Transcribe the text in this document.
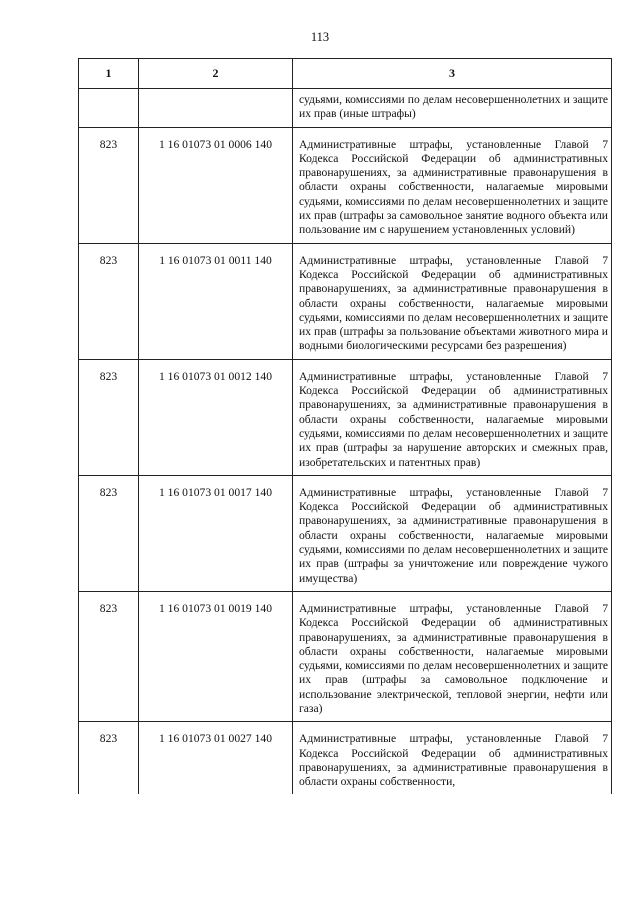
113
1	2	3
		судьями, комиссиями по делам несовершеннолетних и защите их прав (иные штрафы)
823	1 16 01073 01 0006 140	Административные штрафы, установленные Главой 7 Кодекса Российской Федерации об административных правонарушениях, за административные правонарушения в области охраны собственности, налагаемые мировыми судьями, комиссиями по делам несовершеннолетних и защите их прав (штрафы за самовольное занятие водного объекта или пользование им с нарушением установленных условий)
823	1 16 01073 01 0011 140	Административные штрафы, установленные Главой 7 Кодекса Российской Федерации об административных правонарушениях, за административные правонарушения в области охраны собственности, налагаемые мировыми судьями, комиссиями по делам несовершеннолетних и защите их прав (штрафы за пользование объектами животного мира и водными биологическими ресурсами без разрешения)
823	1 16 01073 01 0012 140	Административные штрафы, установленные Главой 7 Кодекса Российской Федерации об административных правонарушениях, за административные правонарушения в области охраны собственности, налагаемые мировыми судьями, комиссиями по делам несовершеннолетних и защите их прав (штрафы за нарушение авторских и смежных прав, изобретательских и патентных прав)
823	1 16 01073 01 0017 140	Административные штрафы, установленные Главой 7 Кодекса Российской Федерации об административных правонарушениях, за административные правонарушения в области охраны собственности, налагаемые мировыми судьями, комиссиями по делам несовершеннолетних и защите их прав (штрафы за уничтожение или повреждение чужого имущества)
823	1 16 01073 01 0019 140	Административные штрафы, установленные Главой 7 Кодекса Российской Федерации об административных правонарушениях, за административные правонарушения в области охраны собственности, налагаемые мировыми судьями, комиссиями по делам несовершеннолетних и защите их прав (штрафы за самовольное подключение и использование электрической, тепловой энергии, нефти или газа)
823	1 16 01073 01 0027 140	Административные штрафы, установленные Главой 7 Кодекса Российской Федерации об административных правонарушениях, за административные правонарушения в области охраны собственности,
